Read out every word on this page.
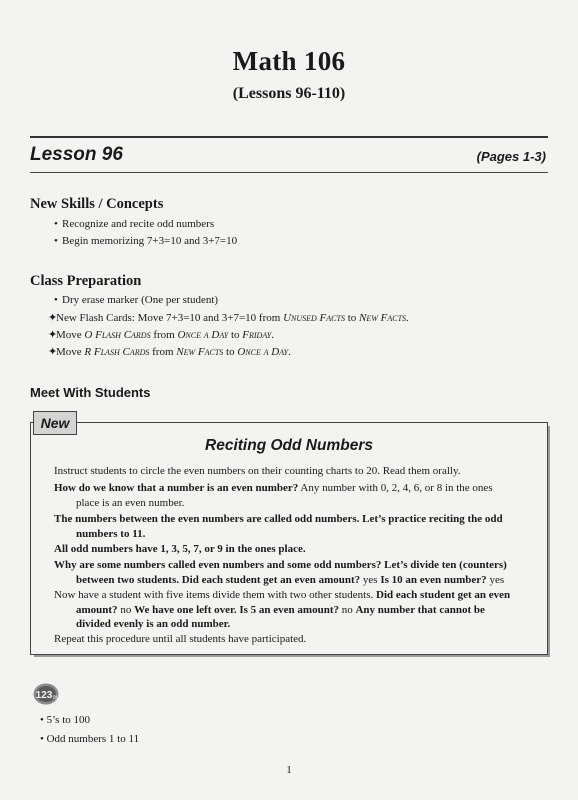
Math 106
(Lessons 96-110)
Lesson 96	(Pages 1-3)
New Skills / Concepts
• Recognize and recite odd numbers
• Begin memorizing 7+3=10 and 3+7=10
Class Preparation
• Dry erase marker (One per student)
✦New Flash Cards: Move 7+3=10 and 3+7=10 from Unused Facts to New Facts.
✦Move O Flash Cards from Once a Day to Friday.
✦Move R Flash Cards from New Facts to Once a Day.
Meet With Students
New
Reciting Odd Numbers
Instruct students to circle the even numbers on their counting charts to 20. Read them orally.
How do we know that a number is an even number? Any number with 0, 2, 4, 6, or 8 in the ones
place is an even number.
The numbers between the even numbers are called odd numbers. Let’s practice reciting the odd
numbers to 11.
All odd numbers have 1, 3, 5, 7, or 9 in the ones place.
Why are some numbers called even numbers and some odd numbers? Let’s divide ten (counters)
between two students. Did each student get an even amount? yes Is 10 an even number? yes
Now have a student with five items divide them with two other students. Did each student get an even
amount? no We have one left over. Is 5 an even amount? no Any number that cannot be
divided evenly is an odd number.
Repeat this procedure until all students have participated.
123 m
• 5’s to 100
• Odd numbers 1 to 11
1
